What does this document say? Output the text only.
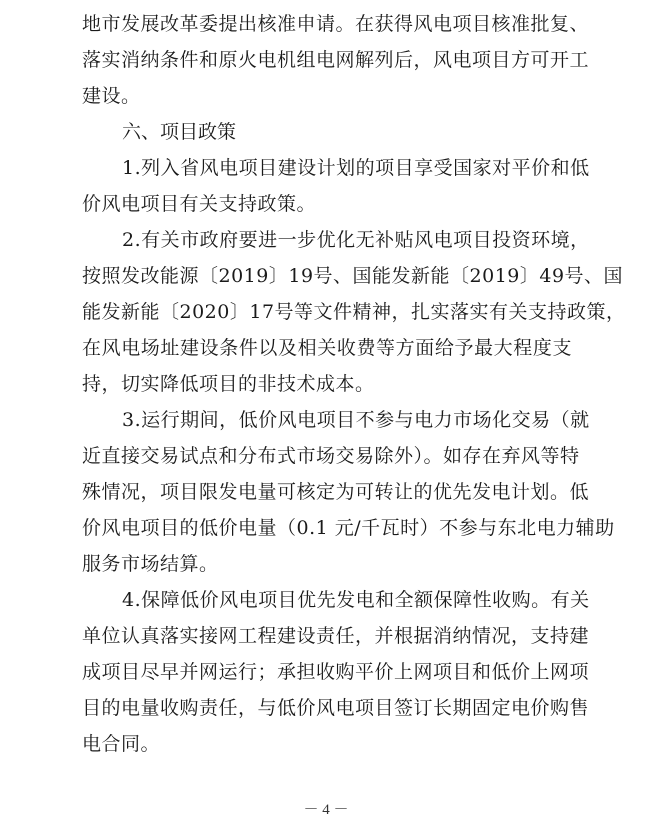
地市发展改革委提出核准申请。在获得风电项目核准批复、
落实消纳条件和原火电机组电网解列后，风电项目方可开工
建设。
六、项目政策
1.列入省风电项目建设计划的项目享受国家对平价和低
价风电项目有关支持政策。
2.有关市政府要进一步优化无补贴风电项目投资环境，
按照发改能源〔2019〕19号、国能发新能〔2019〕49号、国
能发新能〔2020〕17号等文件精神，扎实落实有关支持政策，
在风电场址建设条件以及相关收费等方面给予最大程度支
持，切实降低项目的非技术成本。
3.运行期间，低价风电项目不参与电力市场化交易（就
近直接交易试点和分布式市场交易除外）。如存在弃风等特
殊情况，项目限发电量可核定为可转让的优先发电计划。低
价风电项目的低价电量（0.1 元/千瓦时）不参与东北电力辅助
服务市场结算。
4.保障低价风电项目优先发电和全额保障性收购。有关
单位认真落实接网工程建设责任，并根据消纳情况，支持建
成项目尽早并网运行；承担收购平价上网项目和低价上网项
目的电量收购责任，与低价风电项目签订长期固定电价购售
电合同。
－ 4 －
